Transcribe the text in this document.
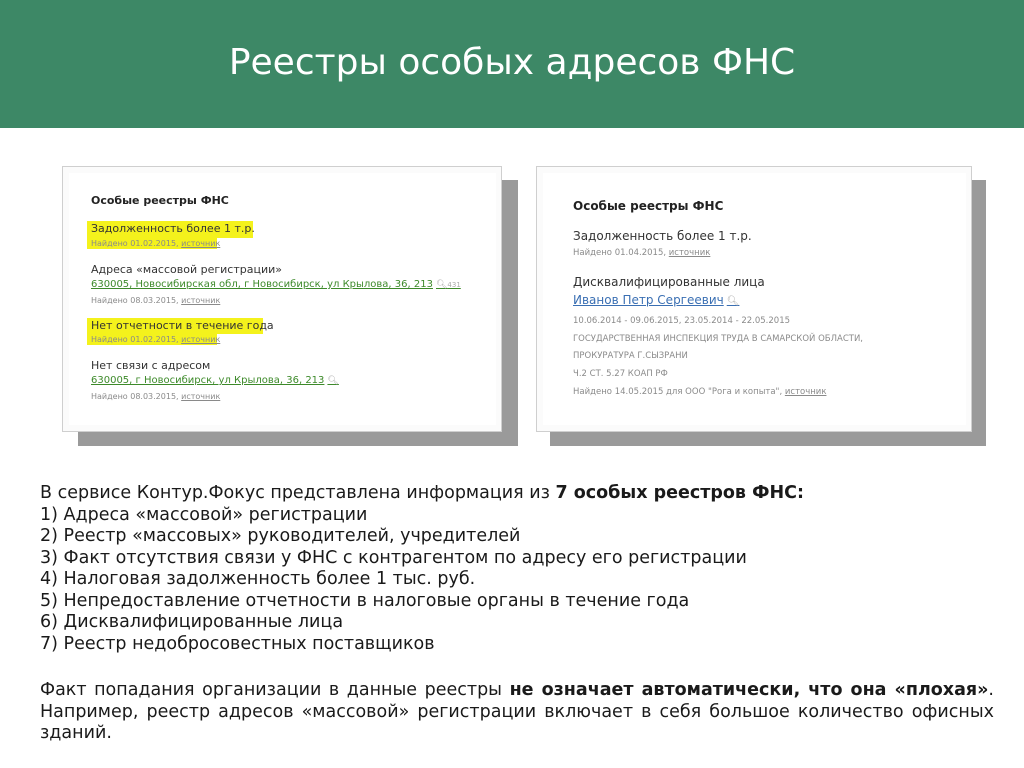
Реестры особых адресов ФНС
Особые реестры ФНС
Задолженность более 1 т.р.
Найдено 01.02.2015, источник
Адреса «массовой регистрации»
630005, Новосибирская обл, г Новосибирск, ул Крылова, 36, 213 🔍︎431
Найдено 08.03.2015, источник
Нет отчетности в течение года
Найдено 01.02.2015, источник
Нет связи с адресом
630005, г Новосибирск, ул Крылова, 36, 213 🔍︎
Найдено 08.03.2015, источник
Особые реестры ФНС
Задолженность более 1 т.р.
Найдено 01.04.2015, источник
Дисквалифицированные лица
Иванов Петр Сергеевич 🔍︎
10.06.2014 - 09.06.2015, 23.05.2014 - 22.05.2015
ГОСУДАРСТВЕННАЯ ИНСПЕКЦИЯ ТРУДА В САМАРСКОЙ ОБЛАСТИ,
ПРОКУРАТУРА Г.СЫЗРАНИ
Ч.2 СТ. 5.27 КОАП РФ
Найдено 14.05.2015 для ООО "Рога и копыта", источник
В сервисе Контур.Фокус представлена информация из 7 особых реестров ФНС:
1) Адреса «массовой» регистрации
2) Реестр «массовых» руководителей, учредителей
3) Факт отсутствия связи у ФНС с контрагентом по адресу его регистрации
4) Налоговая задолженность более 1 тыс. руб.
5) Непредоставление отчетности в налоговые органы в течение года
6) Дисквалифицированные лица
7) Реестр недобросовестных поставщиков
Факт попадания организации в данные реестры не означает автоматически, что она «плохая». Например, реестр адресов «массовой» регистрации включает в себя большое количество офисных зданий.
